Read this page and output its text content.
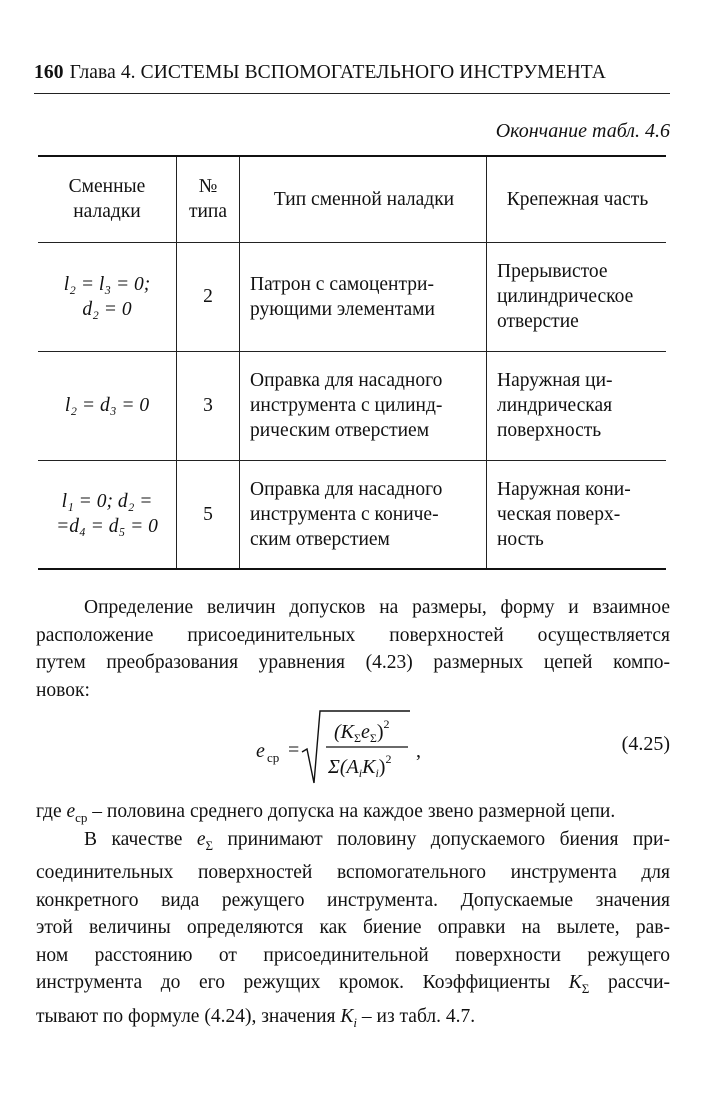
160 Глава 4. СИСТЕМЫ ВСПОМОГАТЕЛЬНОГО ИНСТРУМЕНТА
Окончание табл. 4.6
Сменные наладки	№ типа	Тип сменной наладки	Крепежная часть

l₂ = l₃ = 0;
d₂ = 0	2	Патрон с самоцентри-рующими элементами	Прерывистое цилиндрическое отверстие

l₂ = d₃ = 0	3	Оправка для насадного инструмента с цилинд-рическим отверстием	Наружная ци-линдрическая поверхность

l₁ = 0; d₂ =
=d₄ = d₅ = 0	5	Оправка для насадного инструмента с кониче-ским отверстием	Наружная кони-ческая поверх-ность
Определение величин допусков на размеры, форму и взаимное
расположение присоединительных поверхностей осуществляется
путем преобразования уравнения (4.23) размерных цепей компо-
новок:
e ср =
$(K_\Sigma e_\Sigma)^2$
$\Sigma(A_iK_i)^2$ ,	(4.25)
где $e_{ср}$ – половина среднего допуска на каждое звено размерной цепи.
В качестве $e_\Sigma$ принимают половину допускаемого биения при-
соединительных поверхностей вспомогательного инструмента для
конкретного вида режущего инструмента. Допускаемые значения
этой величины определяются как биение оправки на вылете, рав-
ном расстоянию от присоединительной поверхности режущего
инструмента до его режущих кромок. Коэффициенты $K_\Sigma$ рассчи-
тывают по формуле (4.24), значения $K_i$ – из табл. 4.7.
